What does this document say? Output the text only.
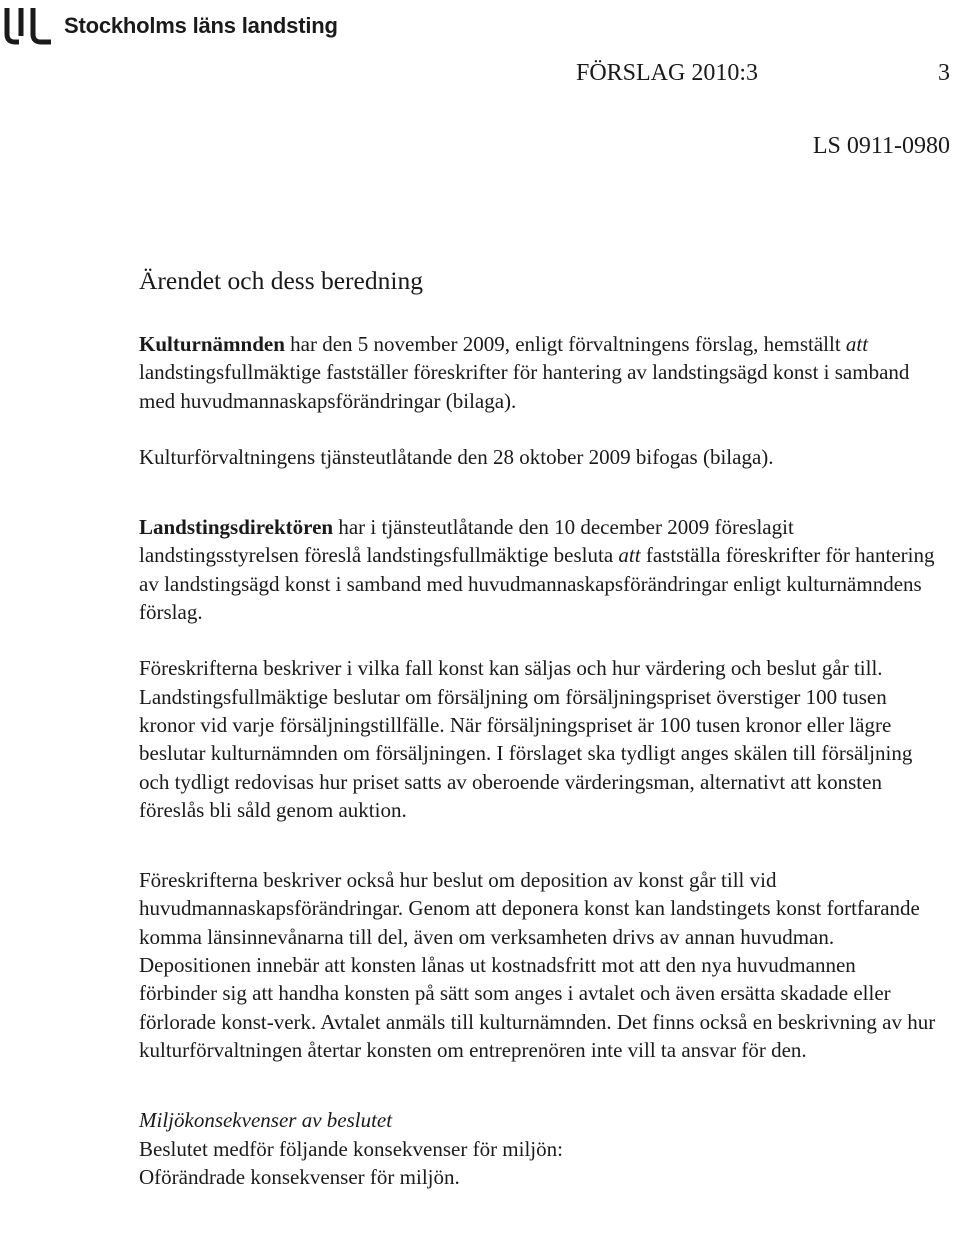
Stockholms läns landsting
FÖRSLAG 2010:3	3
LS 0911-0980
Ärendet och dess beredning

Kulturnämnden har den 5 november 2009, enligt förvaltningens förslag, hemställt att landstingsfullmäktige fastställer föreskrifter för hantering av landstingsägd konst i samband med huvudmannaskapsförändringar (bilaga).

Kulturförvaltningens tjänsteutlåtande den 28 oktober 2009 bifogas (bilaga).

Landstingsdirektören har i tjänsteutlåtande den 10 december 2009 föreslagit landstingsstyrelsen föreslå landstingsfullmäktige besluta att fastställa föreskrifter för hantering av landstingsägd konst i samband med huvudmannaskapsförändringar enligt kulturnämndens förslag.

Föreskrifterna beskriver i vilka fall konst kan säljas och hur värdering och beslut går till. Landstingsfullmäktige beslutar om försäljning om försäljningspriset överstiger 100 tusen kronor vid varje försäljningstillfälle. När försäljningspriset är 100 tusen kronor eller lägre beslutar kulturnämnden om försäljningen. I förslaget ska tydligt anges skälen till försäljning och tydligt redovisas hur priset satts av oberoende värderingsman, alternativt att konsten föreslås bli såld genom auktion.

Föreskrifterna beskriver också hur beslut om deposition av konst går till vid huvudmannaskapsförändringar. Genom att deponera konst kan landstingets konst fortfarande komma länsinnevånarna till del, även om verksamheten drivs av annan huvudman. Depositionen innebär att konsten lånas ut kostnadsfritt mot att den nya huvudmannen förbinder sig att handha konsten på sätt som anges i avtalet och även ersätta skadade eller förlorade konst-verk. Avtalet anmäls till kulturnämnden. Det finns också en beskrivning av hur kulturförvaltningen återtar konsten om entreprenören inte vill ta ansvar för den.

Miljökonsekvenser av beslutet
Beslutet medför följande konsekvenser för miljön:
Oförändrade konsekvenser för miljön.
